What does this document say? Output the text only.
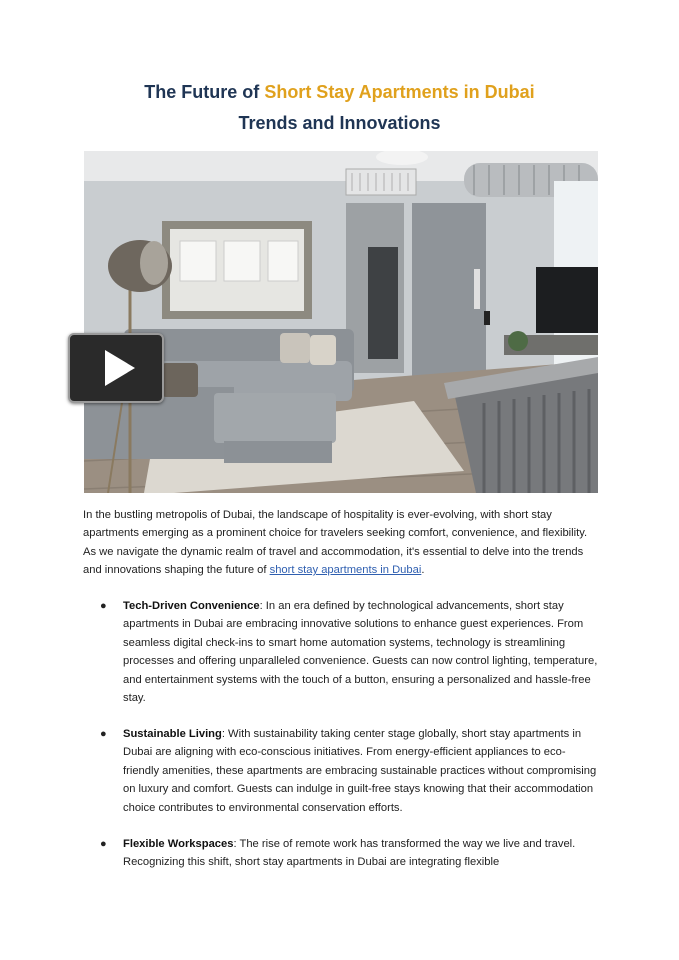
The Future of Short Stay Apartments in Dubai
Trends and Innovations
In the bustling metropolis of Dubai, the landscape of hospitality is ever-evolving, with short stay apartments emerging as a prominent choice for travelers seeking comfort, convenience, and flexibility. As we navigate the dynamic realm of travel and accommodation, it's essential to delve into the trends and innovations shaping the future of short stay apartments in Dubai.
● Tech-Driven Convenience: In an era defined by technological advancements, short stay apartments in Dubai are embracing innovative solutions to enhance guest experiences. From seamless digital check-ins to smart home automation systems, technology is streamlining processes and offering unparalleled convenience. Guests can now control lighting, temperature, and entertainment systems with the touch of a button, ensuring a personalized and hassle-free stay.
● Sustainable Living: With sustainability taking center stage globally, short stay apartments in Dubai are aligning with eco-conscious initiatives. From energy-efficient appliances to eco-friendly amenities, these apartments are embracing sustainable practices without compromising on luxury and comfort. Guests can indulge in guilt-free stays knowing that their accommodation choice contributes to environmental conservation efforts.
● Flexible Workspaces: The rise of remote work has transformed the way we live and travel. Recognizing this shift, short stay apartments in Dubai are integrating flexible
